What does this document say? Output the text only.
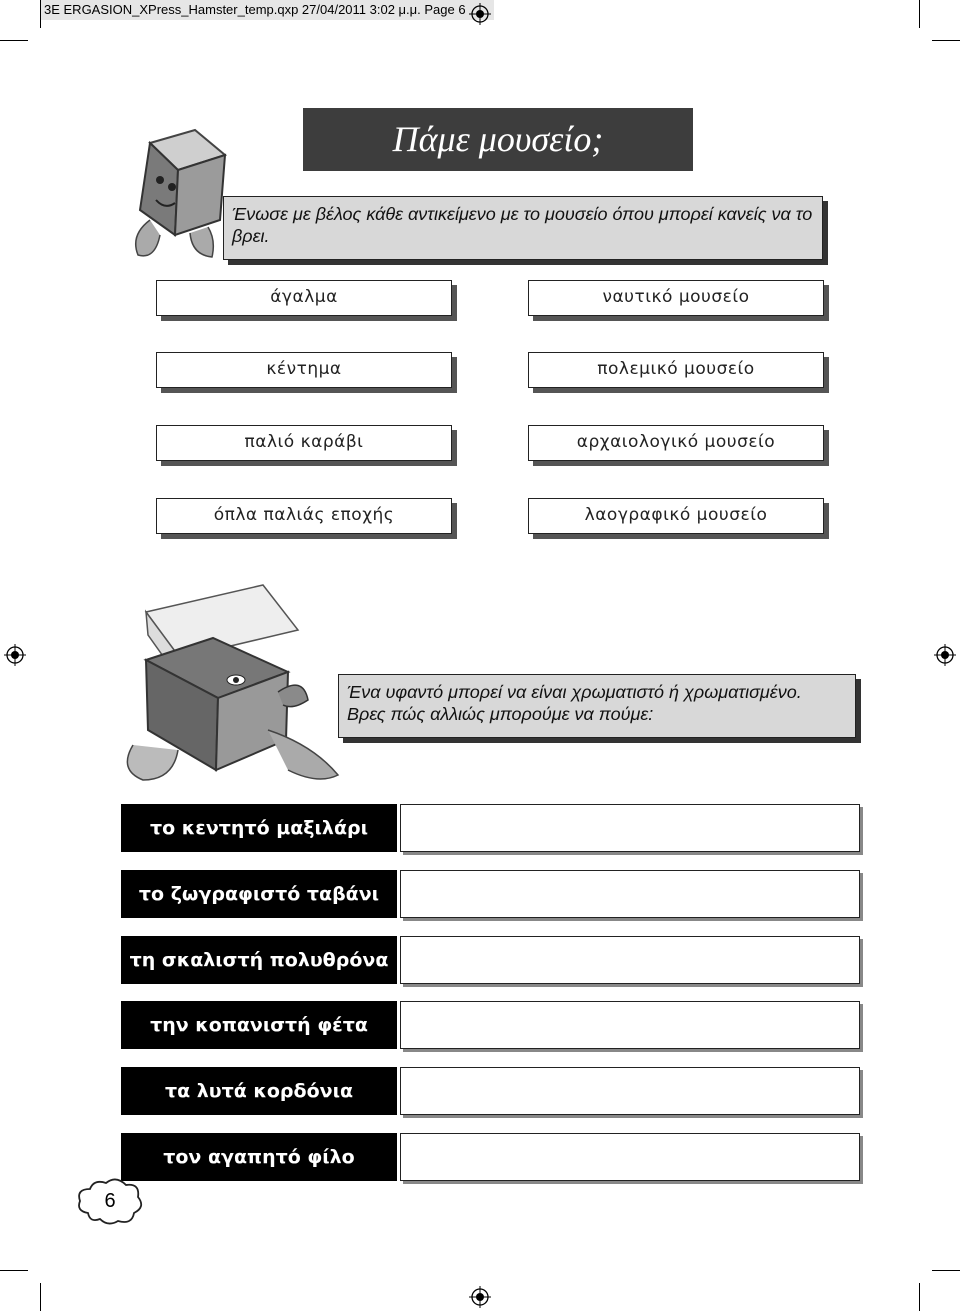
3E ERGASION_XPress_Hamster_temp.qxp 27/04/2011 3:02 μ.μ. Page 6
Πάμε μουσείο;
Ένωσε με βέλος κάθε αντικείμενο με το μουσείο όπου μπορεί κανείς να το βρει.
άγαλμα
κέντημα
παλιό καράβι
όπλα παλιάς εποχής
ναυτικό μουσείο
πολεμικό μουσείο
αρχαιολογικό μουσείο
λαογραφικό μουσείο
Ένα υφαντό μπορεί να είναι χρωματιστό ή χρωματισμένο.
Βρες πώς αλλιώς μπορούμε να πούμε:
το κεντητό μαξιλάρι
το ζωγραφιστό ταβάνι
τη σκαλιστή πολυθρόνα
την κοπανιστή φέτα
τα λυτά κορδόνια
τον αγαπητό φίλο
6
